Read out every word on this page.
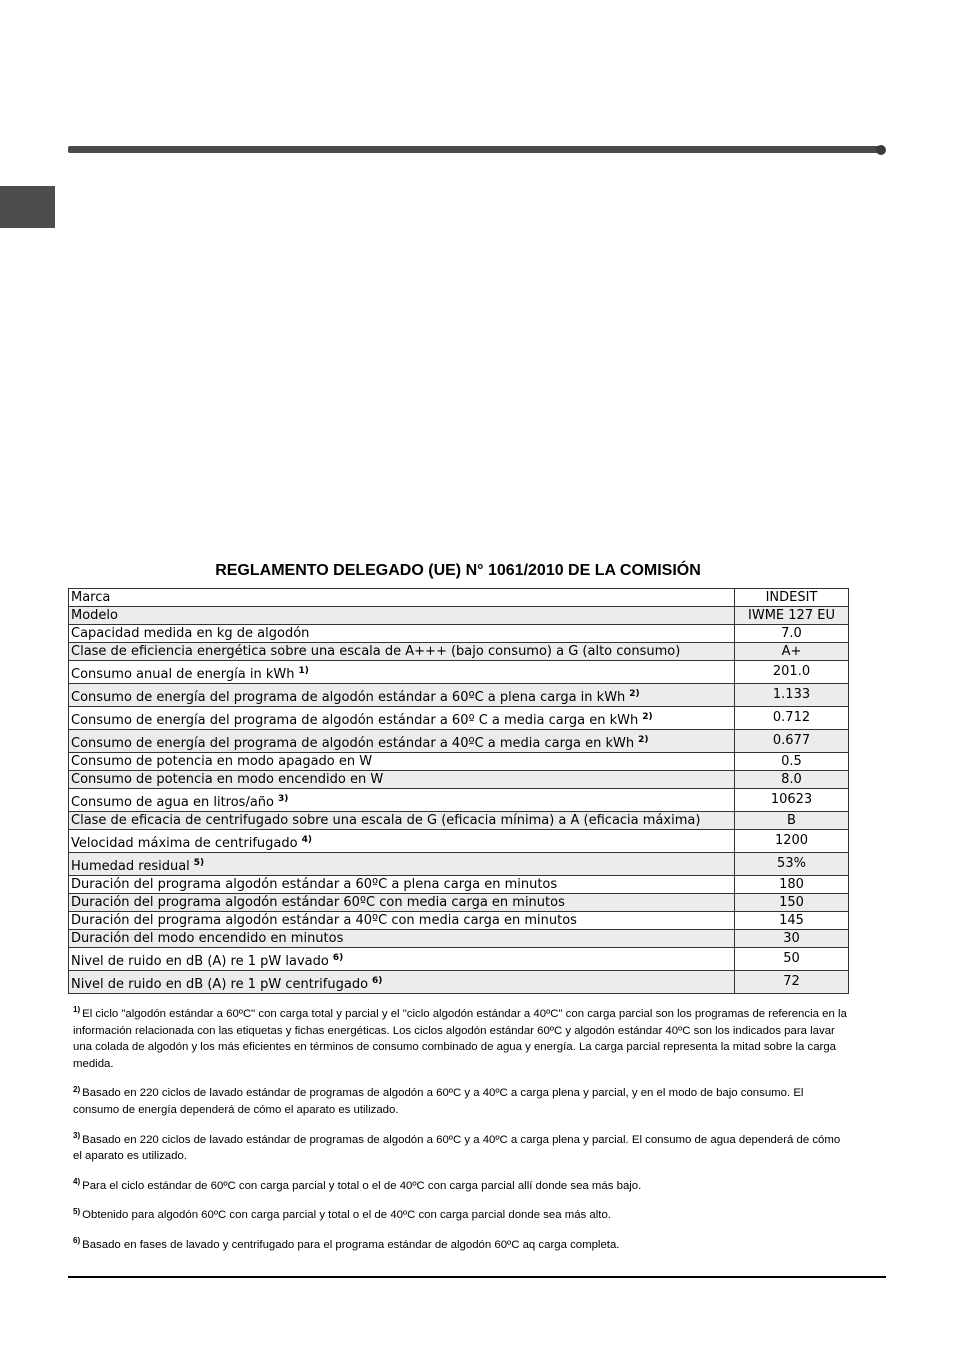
REGLAMENTO DELEGADO (UE) N° 1061/2010 DE LA COMISIÓN
Marca	INDESIT
Modelo	IWME 127 EU
Capacidad medida en kg de algodón	7.0
Clase de eficiencia energética sobre una escala de A+++ (bajo consumo) a G (alto consumo)	A+
Consumo anual de energía in kWh $^{1)}$	201.0
Consumo de energía del programa de algodón estándar a 60ºC a plena carga in kWh $^{2)}$	1.133
Consumo de energía del programa de algodón estándar a 60º C a media carga en kWh $^{2)}$	0.712
Consumo de energía del programa de algodón estándar a 40ºC a media carga en kWh $^{2)}$	0.677
Consumo de potencia en modo apagado en W	0.5
Consumo de potencia en modo encendido en W	8.0
Consumo de agua en litros/año $^{3)}$	10623
Clase de eficacia de centrifugado sobre una escala de G (eficacia mínima) a A (eficacia máxima)	B
Velocidad máxima de centrifugado $^{4)}$	1200
Humedad residual $^{5)}$	53%
Duración del programa algodón estándar a 60ºC a plena carga en minutos	180
Duración del programa algodón estándar 60ºC con media carga en minutos	150
Duración del programa algodón estándar a 40ºC con media carga en minutos	145
Duración del modo encendido en minutos	30
Nivel de ruido en dB (A) re 1 pW lavado $^{6)}$	50
Nivel de ruido en dB (A) re 1 pW centrifugado $^{6)}$	72

$^{1)}$ El ciclo "algodón estándar a 60ºC" con carga total y parcial y el "ciclo algodón estándar a 40ºC" con carga parcial son los programas de referencia en la información relacionada con las etiquetas y fichas energéticas. Los ciclos algodón estándar 60ºC y algodón estándar 40ºC son los indicados para lavar una colada de algodón y los más eficientes en términos de consumo combinado de agua y energía. La carga parcial representa la mitad sobre la carga medida.

$^{2)}$ Basado en 220 ciclos de lavado estándar de programas de algodón a 60ºC y a 40ºC a carga plena y parcial, y en el modo de bajo consumo. El consumo de energía dependerá de cómo el aparato es utilizado.

$^{3)}$ Basado en 220 ciclos de lavado estándar de programas de algodón a 60ºC y a 40ºC a carga plena y parcial. El consumo de agua dependerá de cómo el aparato es utilizado.

$^{4)}$ Para el ciclo estándar de 60ºC con carga parcial y total o el de 40ºC con carga parcial allí donde sea más bajo.

$^{5)}$ Obtenido para algodón 60ºC con carga parcial y total o el de 40ºC con carga parcial donde sea más alto.

$^{6)}$ Basado en fases de lavado y centrifugado para el programa estándar de algodón 60ºC aq carga completa.
